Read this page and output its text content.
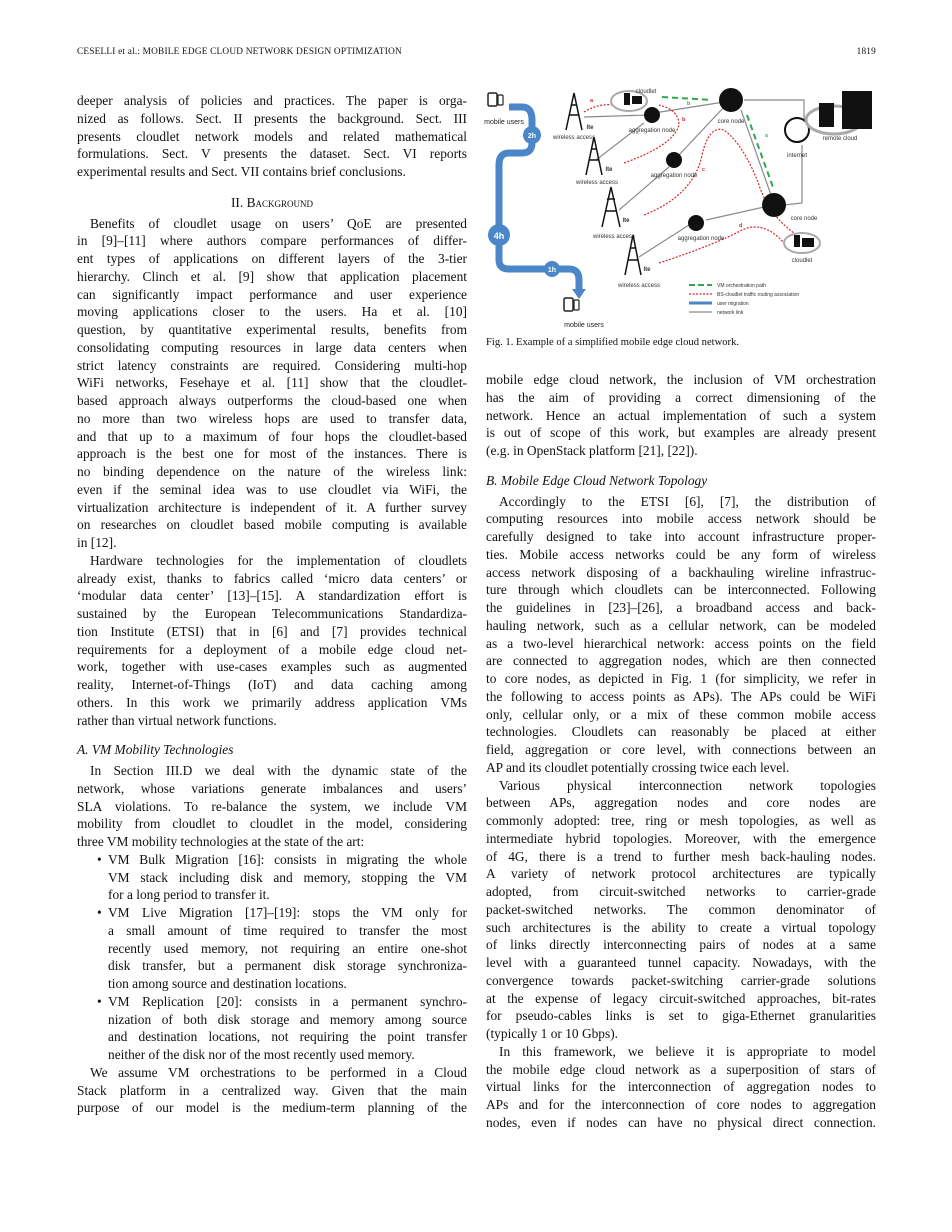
CESELLI et al.: MOBILE EDGE CLOUD NETWORK DESIGN OPTIMIZATION	1819
deeper analysis of policies and practices. The paper is orga-
nized as follows. Sect. II presents the background. Sect. III
presents cloudlet network models and related mathematical
formulations. Sect. V presents the dataset. Sect. VI reports
experimental results and Sect. VII contains brief conclusions.
II. Background
Benefits of cloudlet usage on users’ QoE are presented
in [9]–[11] where authors compare performances of differ-
ent types of applications on different layers of the 3-tier
hierarchy. Clinch et al. [9] show that application placement
can significantly impact performance and user experience
moving applications closer to the users. Ha et al. [10]
question, by quantitative experimental results, benefits from
consolidating computing resources in large data centers when
strict latency constraints are required. Considering multi-hop
WiFi networks, Fesehaye et al. [11] show that the cloudlet-
based approach always outperforms the cloud-based one when
no more than two wireless hops are used to transfer data,
and that up to a maximum of four hops the cloudlet-based
approach is the best one for most of the instances. There is
no binding dependence on the nature of the wireless link:
even if the seminal idea was to use cloudlet via WiFi, the
virtualization architecture is independent of it. A further survey
on researches on cloudlet based mobile computing is available
in [12].
Hardware technologies for the implementation of cloudlets
already exist, thanks to fabrics called ‘micro data centers’ or
‘modular data center’ [13]–[15]. A standardization effort is
sustained by the European Telecommunications Standardiza-
tion Institute (ETSI) that in [6] and [7] provides technical
requirements for a deployment of a mobile edge cloud net-
work, together with use-cases examples such as augmented
reality, Internet-of-Things (IoT) and data caching among
others. In this work we primarily address application VMs
rather than virtual network functions.
A. VM Mobility Technologies
In Section III.D we deal with the dynamic state of the
network, whose variations generate imbalances and users’
SLA violations. To re-balance the system, we include VM
mobility from cloudlet to cloudlet in the model, considering
three VM mobility technologies at the state of the art:
• VM Bulk Migration [16]: consists in migrating the whole
VM stack including disk and memory, stopping the VM
for a long period to transfer it.
• VM Live Migration [17]–[19]: stops the VM only for
a small amount of time required to transfer the most
recently used memory, not requiring an entire one-shot
disk transfer, but a permanent disk storage synchroniza-
tion among source and destination locations.
• VM Replication [20]: consists in a permanent synchro-
nization of both disk storage and memory among source
and destination locations, not requiring the point transfer
neither of the disk nor of the most recently used memory.
We assume VM orchestrations to be performed in a Cloud
Stack platform in a centralized way. Given that the main
purpose of our model is the medium-term planning of the
mobile edge cloud network, the inclusion of VM orchestration
has the aim of providing a correct dimensioning of the
network. Hence an actual implementation of such a system
is out of scope of this work, but examples are already present
(e.g. in OpenStack platform [21], [22]).
B. Mobile Edge Cloud Network Topology
Accordingly to the ETSI [6], [7], the distribution of
computing resources into mobile access network should be
carefully designed to take into account infrastructure proper-
ties. Mobile access networks could be any form of wireless
access network disposing of a backhauling wireline infrastruc-
ture through which cloudlets can be interconnected. Following
the guidelines in [23]–[26], a broadband access and back-
hauling network, such as a cellular network, can be modeled
as a two-level hierarchical network: access points on the field
are connected to aggregation nodes, which are then connected
to core nodes, as depicted in Fig. 1 (for simplicity, we refer in
the following to access points as APs). The APs could be WiFi
only, cellular only, or a mix of these common mobile access
technologies. Cloudlets can reasonably be placed at either
field, aggregation or core level, with connections between an
AP and its cloudlet potentially crossing twice each level.
Various physical interconnection network topologies
between APs, aggregation nodes and core nodes are
commonly adopted: tree, ring or mesh topologies, as well as
intermediate hybrid topologies. Moreover, with the emergence
of 4G, there is a trend to further mesh back-hauling nodes.
A variety of network protocol architectures are typically
adopted, from circuit-switched networks to carrier-grade
packet-switched networks. The common denominator of
such architectures is the ability to create a virtual topology
of links directly interconnecting pairs of nodes at a same
level with a guaranteed tunnel capacity. Nowadays, with the
convergence towards packet-switching carrier-grade solutions
at the expense of legacy circuit-switched approaches, bit-rates
for pseudo-cables links is set to giga-Ethernet granularities
(typically 1 or 10 Gbps).
In this framework, we believe it is appropriate to model
the mobile edge cloud network as a superposition of stars of
virtual links for the interconnection of aggregation nodes to
APs and for the interconnection of core nodes to aggregation
nodes, even if nodes can have no physical direct connection.
2h
4h
1h
mobile users
wireless access
wireless access
wireless access
wireless access
lte
lte
lte
lte
cloudlet
cloudlet
aggregation node
aggregation node
aggregation node
core node
core node
internet
remote cloud
mobile users
a
b
c
d
b
s
VM orchestration path
BS-cloudlet traffic routing association
user migration
network link
Fig. 1. Example of a simplified mobile edge cloud network.
